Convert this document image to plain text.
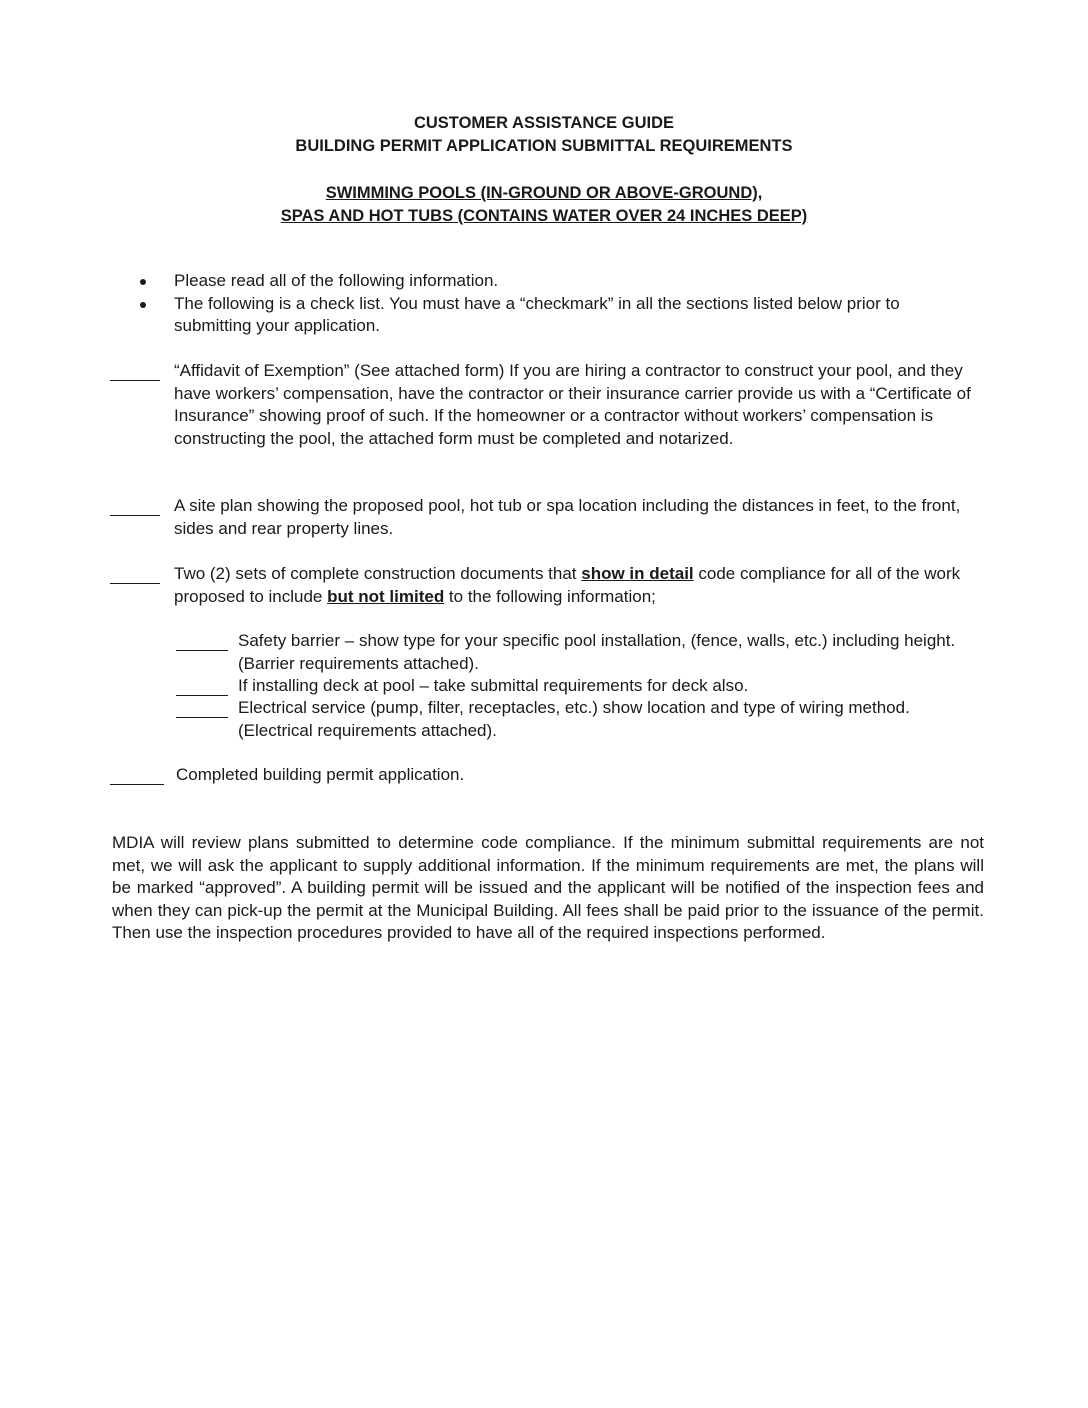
CUSTOMER ASSISTANCE GUIDE
BUILDING PERMIT APPLICATION SUBMITTAL REQUIREMENTS
SWIMMING POOLS (IN-GROUND OR ABOVE-GROUND),
SPAS AND HOT TUBS (CONTAINS WATER OVER 24 INCHES DEEP)
Please read all of the following information.
The following is a check list. You must have a “checkmark” in all the sections listed below prior to submitting your application.
“Affidavit of Exemption” (See attached form) If you are hiring a contractor to construct your pool, and they have workers’ compensation, have the contractor or their insurance carrier provide us with a “Certificate of Insurance” showing proof of such. If the homeowner or a contractor without workers’ compensation is constructing the pool, the attached form must be completed and notarized.
A site plan showing the proposed pool, hot tub or spa location including the distances in feet, to the front, sides and rear property lines.
Two (2) sets of complete construction documents that show in detail code compliance for all of the work proposed to include but not limited to the following information;
Safety barrier – show type for your specific pool installation, (fence, walls, etc.) including height. (Barrier requirements attached).
If installing deck at pool – take submittal requirements for deck also.
Electrical service (pump, filter, receptacles, etc.) show location and type of wiring method. (Electrical requirements attached).
Completed building permit application.
MDIA will review plans submitted to determine code compliance. If the minimum submittal requirements are not met, we will ask the applicant to supply additional information. If the minimum requirements are met, the plans will be marked “approved”. A building permit will be issued and the applicant will be notified of the inspection fees and when they can pick-up the permit at the Municipal Building. All fees shall be paid prior to the issuance of the permit. Then use the inspection procedures provided to have all of the required inspections performed.
